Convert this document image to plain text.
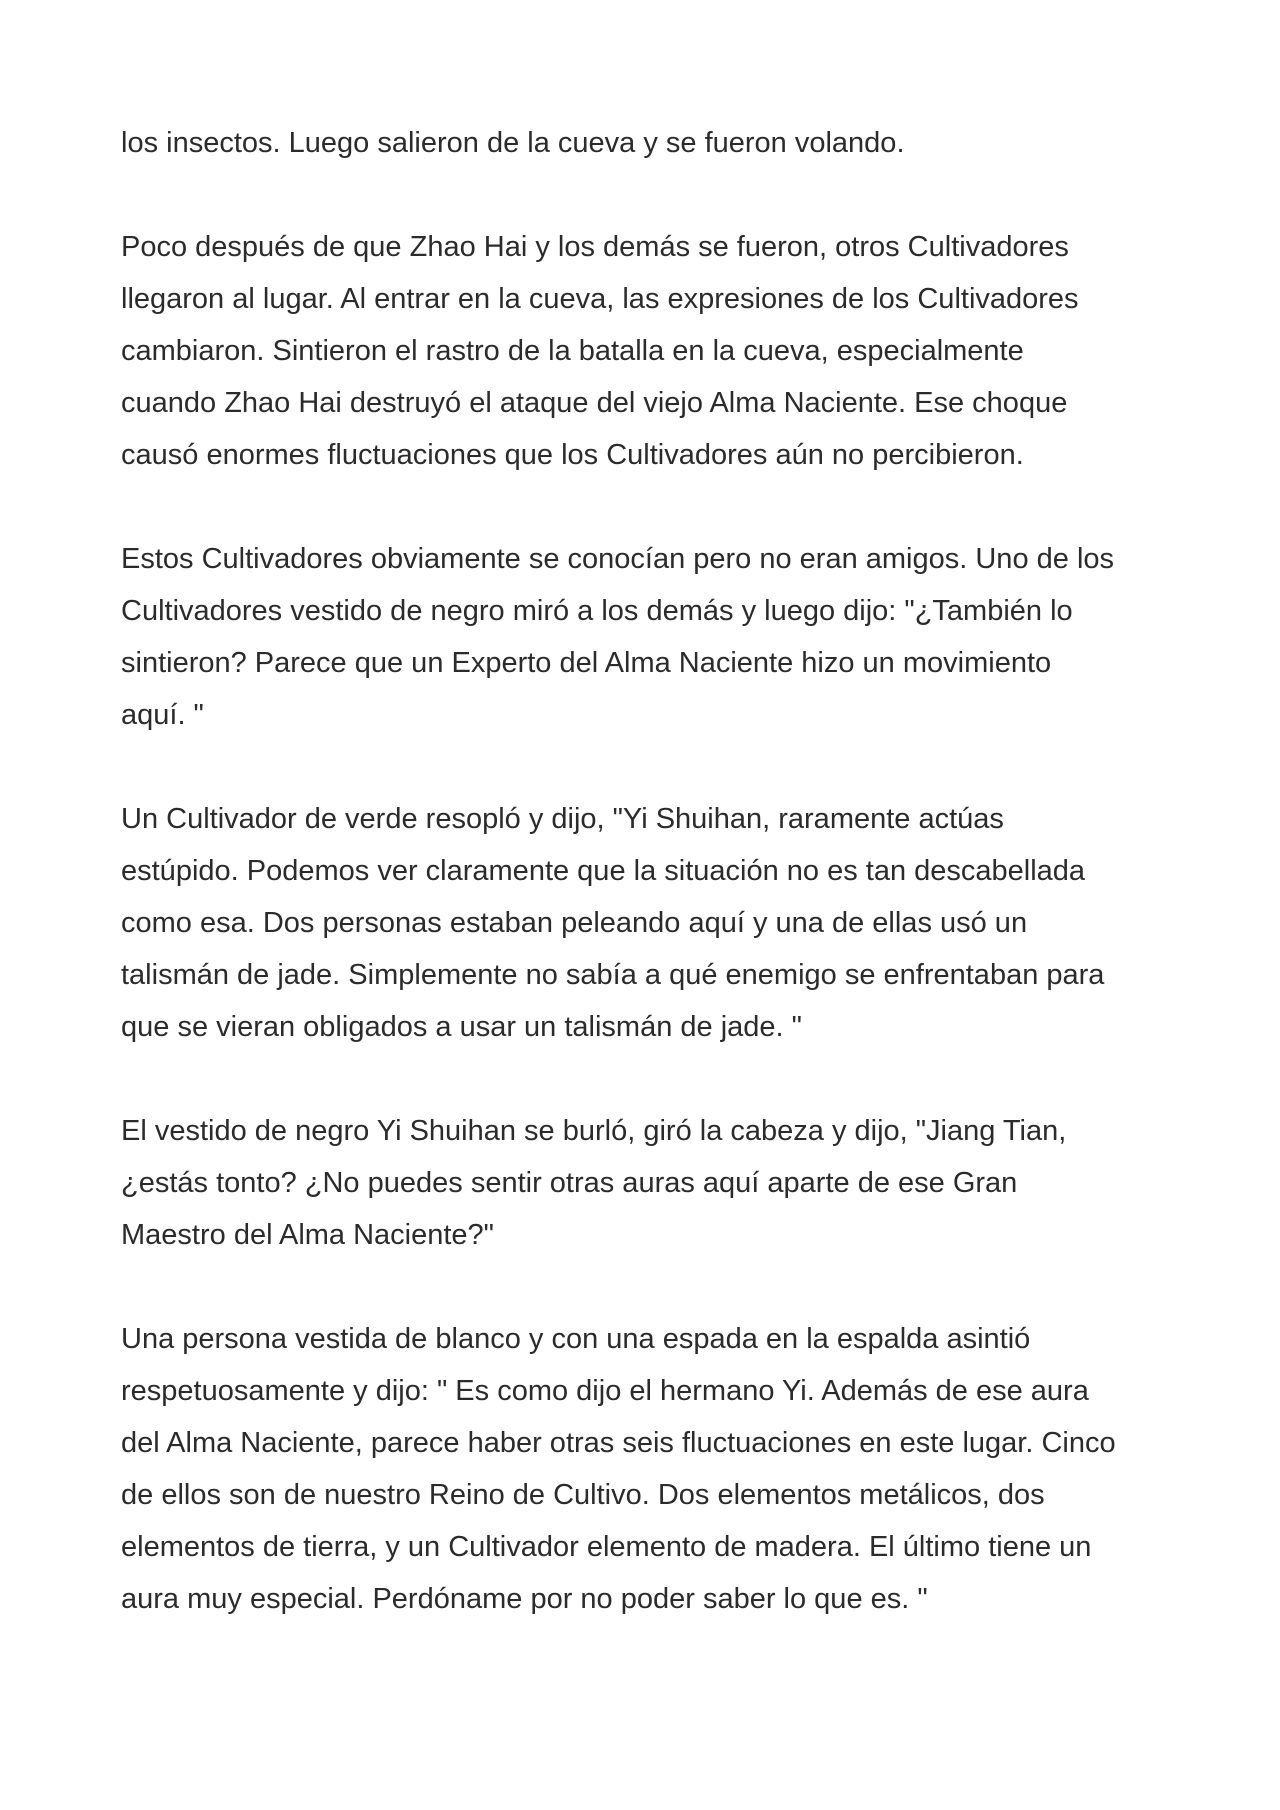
los insectos. Luego salieron de la cueva y se fueron volando.

Poco después de que Zhao Hai y los demás se fueron, otros Cultivadores
llegaron al lugar. Al entrar en la cueva, las expresiones de los Cultivadores
cambiaron. Sintieron el rastro de la batalla en la cueva, especialmente
cuando Zhao Hai destruyó el ataque del viejo Alma Naciente. Ese choque
causó enormes fluctuaciones que los Cultivadores aún no percibieron.

Estos Cultivadores obviamente se conocían pero no eran amigos. Uno de los
Cultivadores vestido de negro miró a los demás y luego dijo: "¿También lo
sintieron? Parece que un Experto del Alma Naciente hizo un movimiento
aquí. "

Un Cultivador de verde resopló y dijo, "Yi Shuihan, raramente actúas
estúpido. Podemos ver claramente que la situación no es tan descabellada
como esa. Dos personas estaban peleando aquí y una de ellas usó un
talismán de jade. Simplemente no sabía a qué enemigo se enfrentaban para
que se vieran obligados a usar un talismán de jade. "

El vestido de negro Yi Shuihan se burló, giró la cabeza y dijo, "Jiang Tian,
¿estás tonto? ¿No puedes sentir otras auras aquí aparte de ese Gran
Maestro del Alma Naciente?"

Una persona vestida de blanco y con una espada en la espalda asintió
respetuosamente y dijo: " Es como dijo el hermano Yi. Además de ese aura
del Alma Naciente, parece haber otras seis fluctuaciones en este lugar. Cinco
de ellos son de nuestro Reino de Cultivo. Dos elementos metálicos, dos
elementos de tierra, y un Cultivador elemento de madera. El último tiene un
aura muy especial. Perdóname por no poder saber lo que es. "
